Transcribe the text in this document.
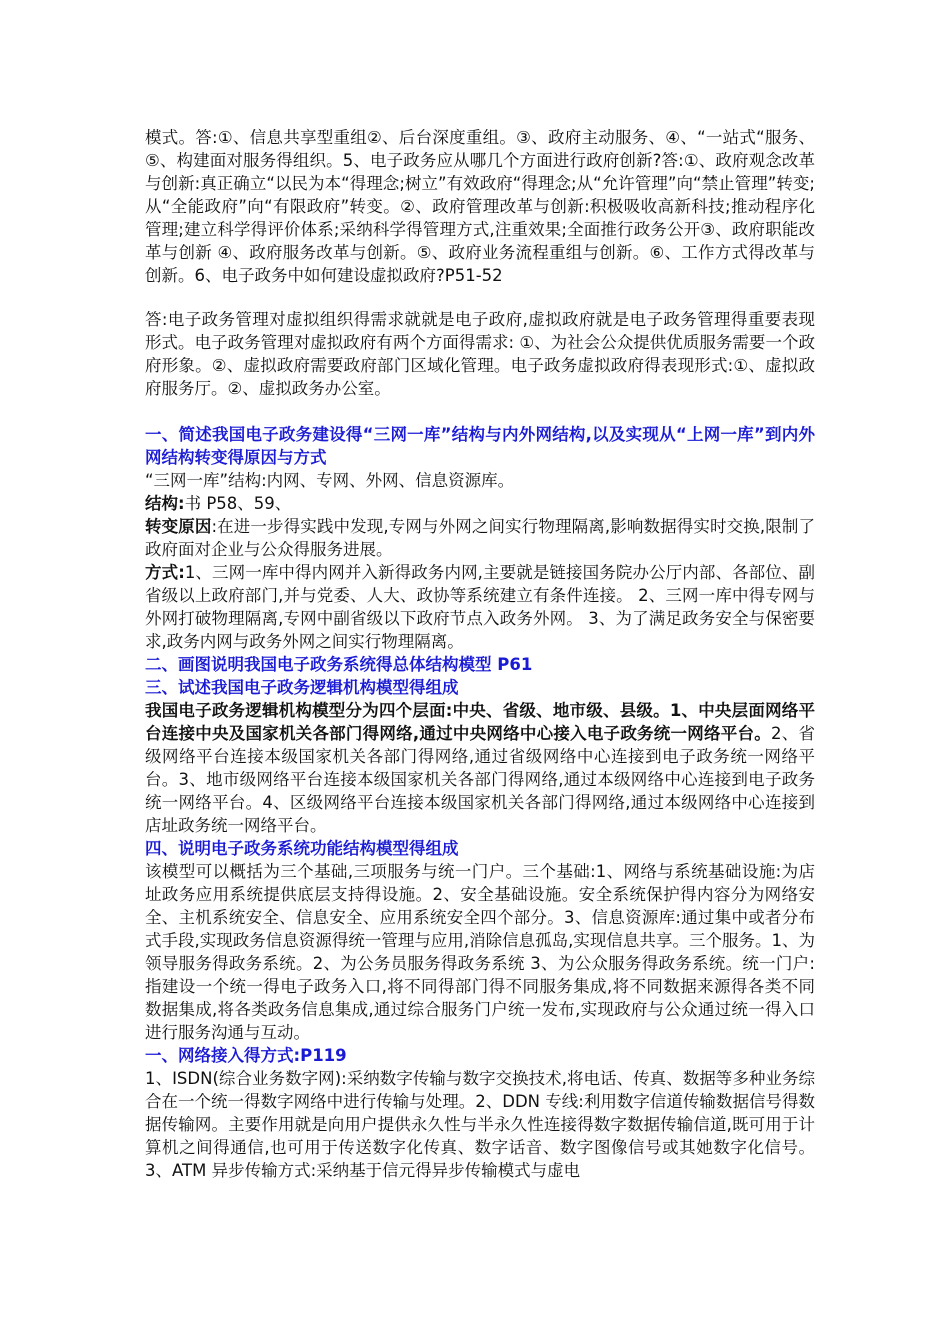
模式。答:①、信息共享型重组②、后台深度重组。③、政府主动服务、④、“一站式“服务、⑤、构建面对服务得组织。5、电子政务应从哪几个方面进行政府创新?答:①、政府观念改革与创新:真正确立“以民为本“得理念;树立”有效政府“得理念;从“允许管理”向“禁止管理”转变;从“全能政府”向“有限政府”转变。②、政府管理改革与创新:积极吸收高新科技;推动程序化管理;建立科学得评价体系;采纳科学得管理方式,注重效果;全面推行政务公开③、政府职能改革与创新 ④、政府服务改革与创新。⑤、政府业务流程重组与创新。⑥、工作方式得改革与创新。6、电子政务中如何建设虚拟政府?P51-52

答:电子政务管理对虚拟组织得需求就就是电子政府,虚拟政府就是电子政务管理得重要表现形式。电子政务管理对虚拟政府有两个方面得需求: ①、为社会公众提供优质服务需要一个政府形象。②、虚拟政府需要政府部门区域化管理。电子政务虚拟政府得表现形式:①、虚拟政府服务厅。②、虚拟政务办公室。

一、简述我国电子政务建设得“三网一库”结构与内外网结构,以及实现从“上网一库”到内外网结构转变得原因与方式

“三网一库”结构:内网、专网、外网、信息资源库。

结构:书 P58、59、

转变原因:在进一步得实践中发现,专网与外网之间实行物理隔离,影响数据得实时交换,限制了政府面对企业与公众得服务进展。

方式:1、三网一库中得内网并入新得政务内网,主要就是链接国务院办公厅内部、各部位、副省级以上政府部门,并与党委、人大、政协等系统建立有条件连接。 2、三网一库中得专网与外网打破物理隔离,专网中副省级以下政府节点入政务外网。 3、为了满足政务安全与保密要求,政务内网与政务外网之间实行物理隔离。

二、画图说明我国电子政务系统得总体结构模型 P61

三、试述我国电子政务逻辑机构模型得组成

我国电子政务逻辑机构模型分为四个层面:中央、省级、地市级、县级。1、中央层面网络平台连接中央及国家机关各部门得网络,通过中央网络中心接入电子政务统一网络平台。2、省级网络平台连接本级国家机关各部门得网络,通过省级网络中心连接到电子政务统一网络平台。3、地市级网络平台连接本级国家机关各部门得网络,通过本级网络中心连接到电子政务统一网络平台。4、区级网络平台连接本级国家机关各部门得网络,通过本级网络中心连接到店址政务统一网络平台。

四、说明电子政务系统功能结构模型得组成

该模型可以概括为三个基础,三项服务与统一门户。三个基础:1、网络与系统基础设施:为店址政务应用系统提供底层支持得设施。2、安全基础设施。安全系统保护得内容分为网络安全、主机系统安全、信息安全、应用系统安全四个部分。3、信息资源库:通过集中或者分布式手段,实现政务信息资源得统一管理与应用,消除信息孤岛,实现信息共享。三个服务。1、为领导服务得政务系统。2、为公务员服务得政务系统 3、为公众服务得政务系统。统一门户:指建设一个统一得电子政务入口,将不同得部门得不同服务集成,将不同数据来源得各类不同数据集成,将各类政务信息集成,通过综合服务门户统一发布,实现政府与公众通过统一得入口进行服务沟通与互动。

一、网络接入得方式:P119

1、ISDN(综合业务数字网):采纳数字传输与数字交换技术,将电话、传真、数据等多种业务综合在一个统一得数字网络中进行传输与处理。2、DDN 专线:利用数字信道传输数据信号得数据传输网。主要作用就是向用户提供永久性与半永久性连接得数字数据传输信道,既可用于计算机之间得通信,也可用于传送数字化传真、数字话音、数字图像信号或其她数字化信号。3、ATM 异步传输方式:采纳基于信元得异步传输模式与虚电
